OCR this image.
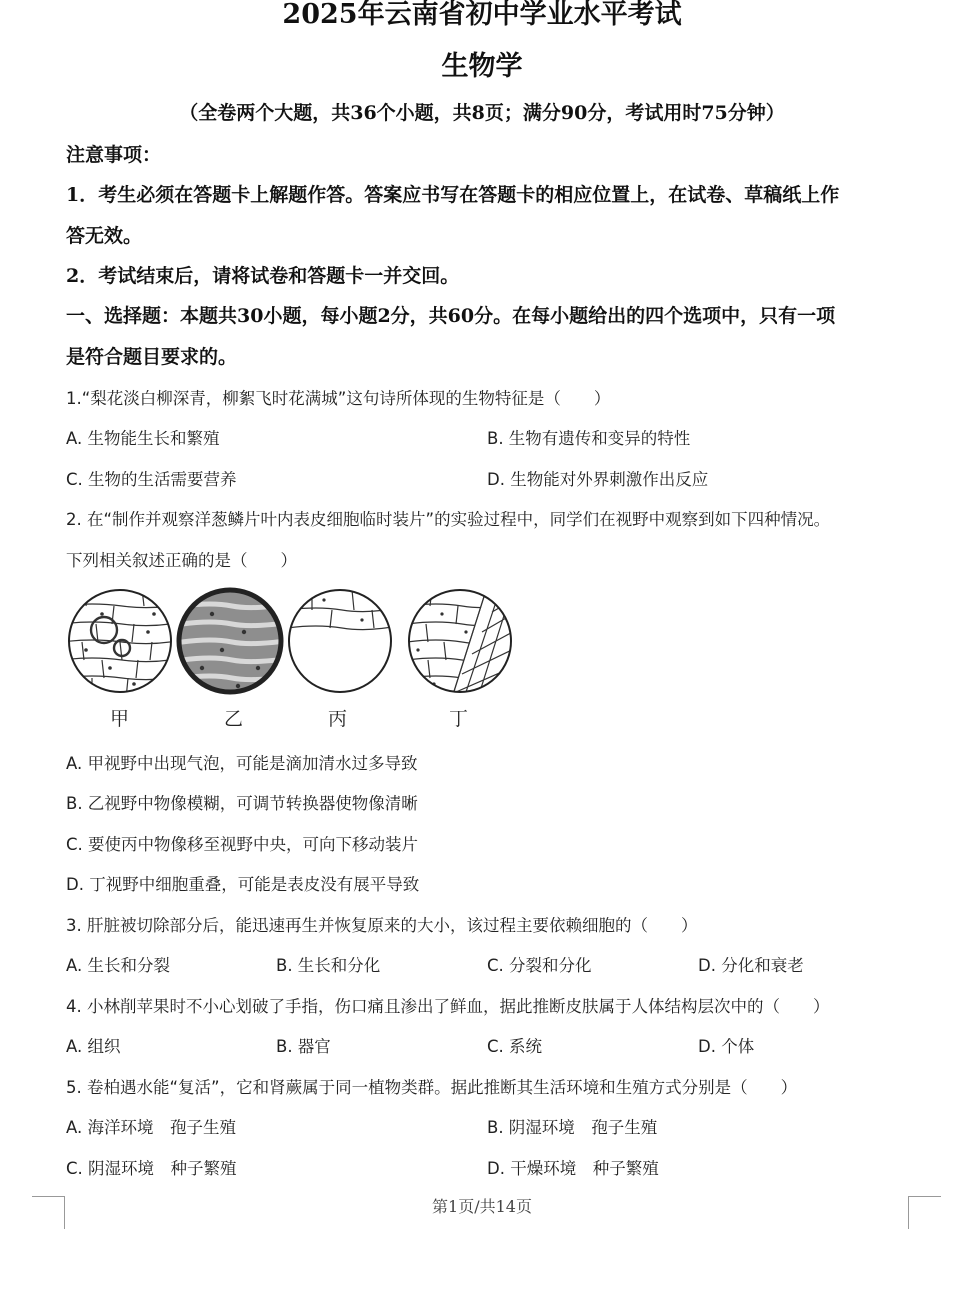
2025年云南省初中学业水平考试
生物学
（全卷两个大题，共36个小题，共8页；满分90分，考试用时75分钟）
注意事项：
1．考生必须在答题卡上解题作答。答案应书写在答题卡的相应位置上，在试卷、草稿纸上作
答无效。
2．考试结束后，请将试卷和答题卡一并交回。
一、选择题：本题共30小题，每小题2分，共60分。在每小题给出的四个选项中，只有一项
是符合题目要求的。
1.“梨花淡白柳深青，柳絮飞时花满城”这句诗所体现的生物特征是（　　）
A. 生物能生长和繁殖	B. 生物有遗传和变异的特性
C. 生物的生活需要营养	D. 生物能对外界刺激作出反应
2. 在“制作并观察洋葱鳞片叶内表皮细胞临时装片”的实验过程中，同学们在视野中观察到如下四种情况。
下列相关叙述正确的是（　　）
甲	乙	丙	丁
A. 甲视野中出现气泡，可能是滴加清水过多导致
B. 乙视野中物像模糊，可调节转换器使物像清晰
C. 要使丙中物像移至视野中央，可向下移动装片
D. 丁视野中细胞重叠，可能是表皮没有展平导致
3. 肝脏被切除部分后，能迅速再生并恢复原来的大小，该过程主要依赖细胞的（　　）
A. 生长和分裂	B. 生长和分化	C. 分裂和分化	D. 分化和衰老
4. 小林削苹果时不小心划破了手指，伤口痛且渗出了鲜血，据此推断皮肤属于人体结构层次中的（　　）
A. 组织	B. 器官	C. 系统	D. 个体
5. 卷柏遇水能“复活”，它和肾蕨属于同一植物类群。据此推断其生活环境和生殖方式分别是（　　）
A. 海洋环境　孢子生殖	B. 阴湿环境　孢子生殖
C. 阴湿环境　种子繁殖	D. 干燥环境　种子繁殖
第1页/共14页
